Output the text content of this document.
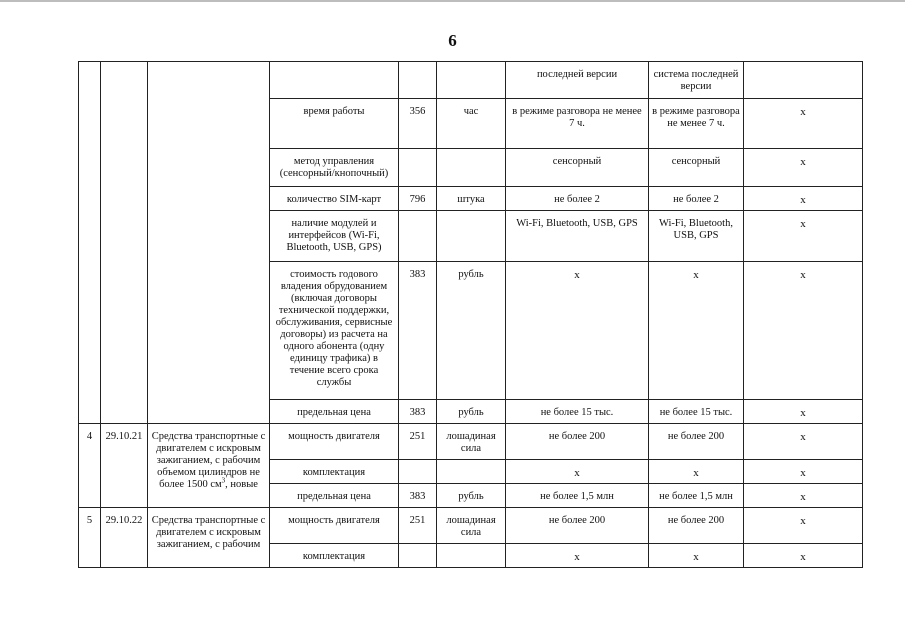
6
						последней версии	система последней версии	
			время работы	356	час	в режиме разговора не менее 7 ч.	в режиме разговора не менее 7 ч.	x
			метод управления (сенсорный/кнопочный)			сенсорный	сенсорный	x
			количество SIM-карт	796	штука	не более 2	не более 2	x
			наличие модулей и интерфейсов (Wi-Fi, Bluetooth, USB, GPS)			Wi-Fi, Bluetooth, USB, GPS	Wi-Fi, Bluetooth, USB, GPS	x
			стоимость годового владения обрудованием (включая договоры технической поддержки, обслуживания, сервисные договоры) из расчета на одного абонента (одну единицу трафика) в течение всего срока службы	383	рубль	x	x	x
			предельная цена	383	рубль	не более 15 тыс.	не более 15 тыс.	x
4	29.10.21	Средства транспортные с двигателем с искровым зажиганием, с рабочим объемом цилиндров не более 1500 $см^3$, новые	мощность двигателя	251	лошадиная сила	не более 200	не более 200	x
			комплектация			x	x	x
			предельная цена	383	рубль	не более 1,5 млн	не более 1,5 млн	x
5	29.10.22	Средства транспортные с двигателем с искровым зажиганием, с рабочим	мощность двигателя	251	лошадиная сила	не более 200	не более 200	x
			комплектация			x	x	x
